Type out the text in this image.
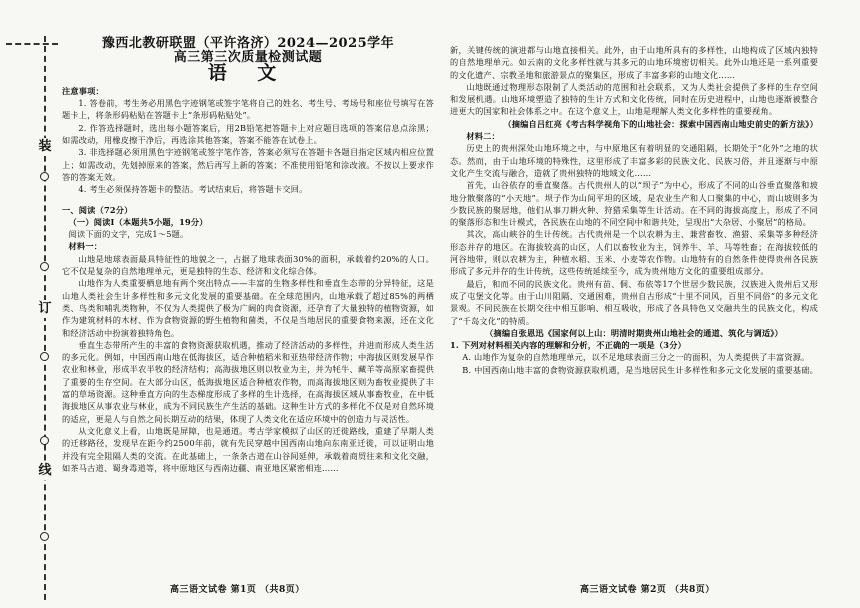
装
订
线
豫西北教研联盟（平许洛济）2024—2025学年
高三第三次质量检测试题
语 文
注意事项：

1. 答卷前，考生务必用黑色字迹钢笔或签字笔将自己的姓名、考生号、考场号和座位号填写在答题卡上，将条形码粘贴在答题卡上“条形码粘贴处”。

2. 作答选择题时，选出每小题答案后，用2B铅笔把答题卡上对应题目选项的答案信息点涂黑；如需改动，用橡皮擦干净后，再选涂其他答案，答案不能答在试卷上。

3. 非选择题必须用黑色字迹钢笔或签字笔作答，答案必须写在答题卡各题目指定区域内相应位置上；如需改动，先划掉原来的答案，然后再写上新的答案；不准使用铅笔和涂改液。不按以上要求作答的答案无效。

4. 考生必须保持答题卡的整洁。考试结束后，将答题卡交回。

一、阅读（72分）

（一）阅读Ⅰ（本题共5小题，19分）

阅读下面的文字，完成1～5题。

材料一：

山地是地球表面最具特征性的地貌之一，占据了地球表面30%的面积，承载着约20%的人口。它不仅是复杂的自然地理单元，更是独特的生态、经济和文化综合体。

山地作为人类重要栖息地有两个突出特点——丰富的生物多样性和垂直生态带的分异特征，这是山地人类社会生计多样性和多元文化发展的重要基础。在全球范围内，山地承载了超过85%的两栖类、鸟类和哺乳类物种，不仅为人类提供了极为广阔的肉食资源，还孕育了大量独特的植物资源，如作为建筑材料的木材、作为食物资源的野生植物和菌类，不仅是当地居民的重要食物来源，还在文化和经济活动中扮演着独特角色。

垂直生态带所产生的丰富的食物资源获取机遇，推动了经济活动的多样性，并进而形成人类生活的多元化。例如，中国西南山地在低海拔区，适合种植稻米和亚热带经济作物；中海拔区则发展旱作农业和林业，形成半农半牧的经济结构；高海拔地区则以牧业为主，并为牦牛、藏羊等高原家畜提供了重要的生存空间。在大部分山区，低海拔地区适合种植农作物，而高海拔地区则为畜牧业提供了丰富的草场资源。这种垂直方向的生态梯度形成了多样的生计选择，在高海拔区域从事畜牧业，在中低海拔地区从事农业与林业，成为不同民族生产生活的基础。这种生计方式的多样化不仅是对自然环境的适应，更是人与自然之间长期互动的结果，体现了人类文化在适应环境中的创造力与灵活性。

从文化意义上看，山地既是屏障，也是通道。考古学家模拟了山区的迁徙路线，重建了早期人类的迁移路径，发现早在距今约2500年前，就有先民穿越中国西南山地向东南亚迁徙，可以证明山地并没有完全阻隔人类的交流。在此基础上，一条条古道在山谷间延伸，承载着商贸往来和文化交融，如茶马古道、蜀身毒道等，将中原地区与西南边疆、南亚地区紧密相连……

新，关键传统的演进都与山地直接相关。此外，由于山地所具有的多样性，山地构成了区域内独特的自然地理单元。如云南的文化多样性就与其多元的山地环境密切相关。此外山地还是一系列重要的文化遗产、宗教圣地和旅游景点的聚集区，形成了丰富多彩的山地文化……

山地既通过物理形态限制了人类活动的范围和社会联系，又为人类社会提供了多样的生存空间和发展机遇。山地环境塑造了独特的生计方式和文化传统，同时在历史进程中，山地也逐渐被整合进更大的国家和社会体系之中。在这个意义上，山地是理解人类文化多样性的重要视角。

（摘编自吕红亮《考古科学视角下的山地社会：探索中国西南山地史前史的新方法》）

材料二：

历史上的贵州深处山地环境之中，与中原地区有着明显的交通阻隔，长期处于“化外”之地的状态。然而，由于山地环境的特殊性，这里形成了丰富多彩的民族文化、民族习俗，并且逐渐与中原文化产生交流与融合，造就了贵州独特的地域文化……

首先，山谷依存的垂直聚落。古代贵州人的以“坝子”为中心，形成了不同的山谷垂直聚落和坡地分散聚落的“小天地”。坝子作为山间平坦的区域，是农业生产和人口聚集的中心，而山坡则多为少数民族的聚居地，他们从事刀耕火种、狩猎采集等生计活动。在不同的海拔高度上，形成了不同的聚落形态和生计模式，各民族在山地的不同空间中和谐共处，呈现出“大杂居、小聚居”的格局。

其次，高山峡谷的生计传统。古代贵州是一个以农耕为主、兼营畜牧、渔猎、采集等多种经济形态并存的地区。在海拔较高的山区，人们以畜牧业为主，饲养牛、羊、马等牲畜；在海拔较低的河谷地带，则以农耕为主，种植水稻、玉米、小麦等农作物。山地特有的自然条件使得贵州各民族形成了多元并存的生计传统，这些传统延续至今，成为贵州地方文化的重要组成部分。

最后，和而不同的民族文化。贵州有苗、侗、布依等17个世居少数民族，汉族进入贵州后又形成了屯堡文化等。由于山川阻隔、交通困难，贵州自古形成“十里不同风，百里不同俗”的多元文化景观。不同民族在长期交往中相互影响、相互吸收，形成了各具特色又交融共生的民族文化，构成了“千岛文化”的特质。

（摘编自张恩迅《国家何以上山：明清时期贵州山地社会的通道、筑化与调适》）

1. 下列对材料相关内容的理解和分析，不正确的一项是（3分）

A. 山地作为复杂的自然地理单元，以不足地球表面三分之一的面积，为人类提供了丰富资源。

B. 中国西南山地丰富的食物资源获取机遇，是当地居民生计多样性和多元文化发展的重要基础。

高三语文试卷 第1页 （共8页）	高三语文试卷 第2页 （共8页）
